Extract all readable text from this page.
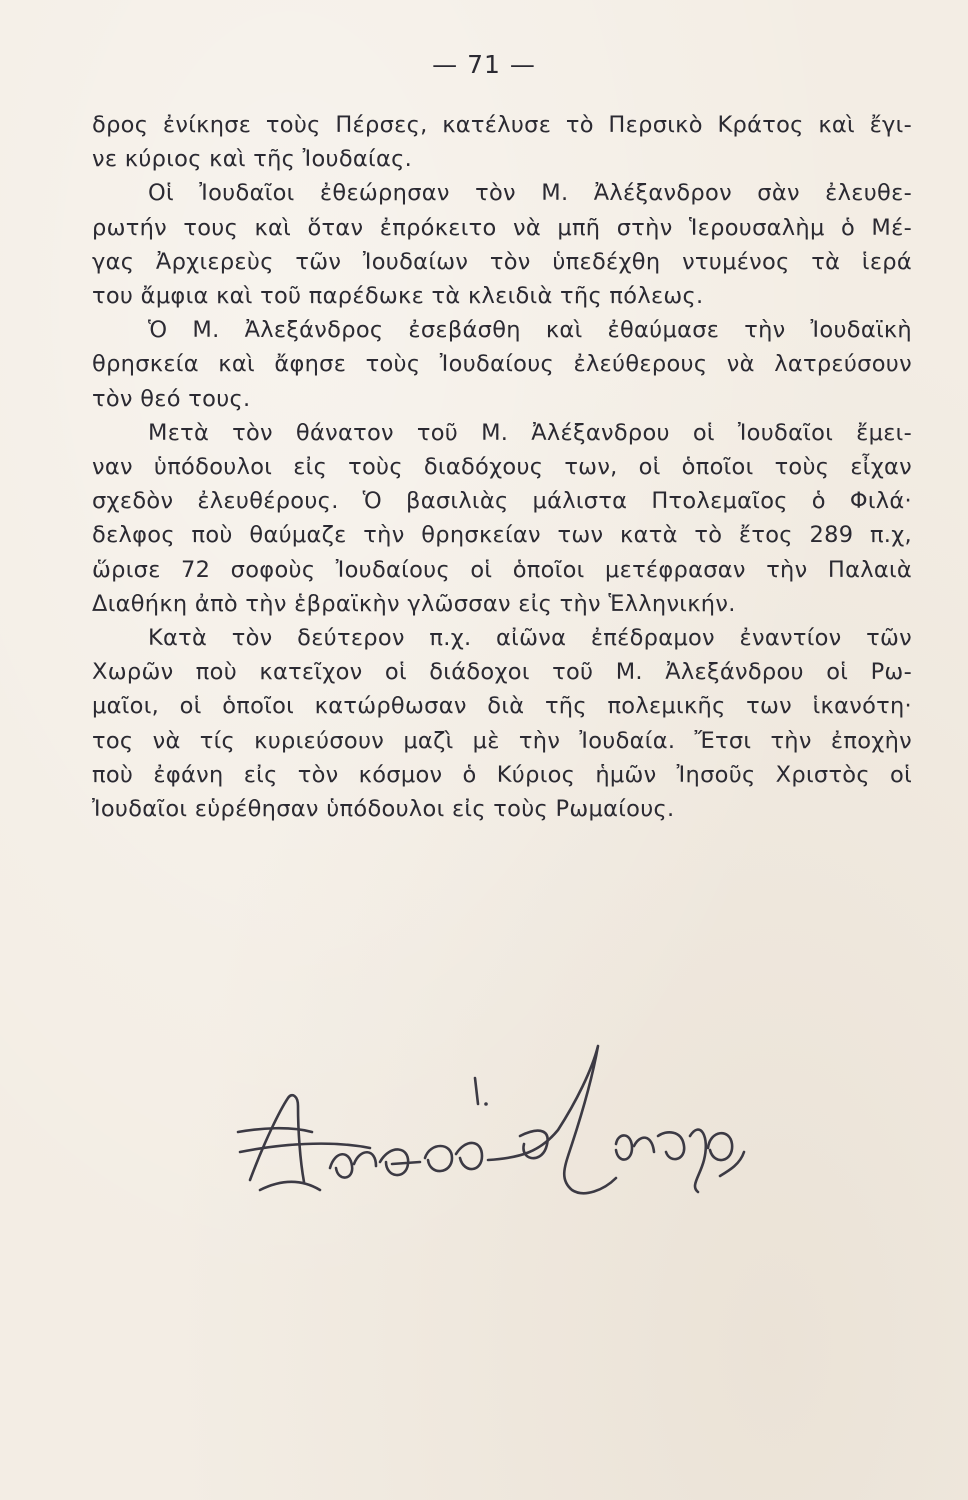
— 71 —
δρος ἐνίκησε τοὺς Πέρσες, κατέλυσε τὸ Περσικὸ Κράτος καὶ ἔγι-
νε κύριος καὶ τῆς Ἰουδαίας.
Οἱ Ἰουδαῖοι ἐθεώρησαν τὸν Μ. Ἀλέξανδρον σὰν ἐλευθε-
ρωτήν τους καὶ ὅταν ἐπρόκειτο νὰ μπῆ στὴν Ἱερουσαλὴμ ὁ Μέ-
γας Ἀρχιερεὺς τῶν Ἰουδαίων τὸν ὑπεδέχθη ντυμένος τὰ ἱερά
του ἄμφια καὶ τοῦ παρέδωκε τὰ κλειδιὰ τῆς πόλεως.
Ὁ Μ. Ἀλεξάνδρος ἐσεβάσθη καὶ ἐθαύμασε τὴν Ἰουδαϊκὴ
θρησκεία καὶ ἄφησε τοὺς Ἰουδαίους ἐλεύθερους νὰ λατρεύσουν
τὸν θεό τους.
Μετὰ τὸν θάνατον τοῦ Μ. Ἀλέξανδρου οἱ Ἰουδαῖοι ἔμει-
ναν ὑπόδουλοι εἰς τοὺς διαδόχους των, οἱ ὁποῖοι τοὺς εἶχαν
σχεδὸν ἐλευθέρους. Ὁ βασιλιὰς μάλιστα Πτολεμαῖος ὁ Φιλά·
δελφος ποὺ θαύμαζε τὴν θρησκείαν των κατὰ τὸ ἔτος 289 π.χ,
ὥρισε 72 σοφοὺς Ἰουδαίους οἱ ὁποῖοι μετέφρασαν τὴν Παλαιὰ
Διαθήκη ἀπὸ τὴν ἑβραϊκὴν γλῶσσαν εἰς τὴν Ἑλληνικήν.
Κατὰ τὸν δεύτερον π.χ. αἰῶνα ἐπέδραμον ἐναντίον τῶν
Χωρῶν ποὺ κατεῖχον οἱ διάδοχοι τοῦ Μ. Ἀλεξάνδρου οἱ Ρω-
μαῖοι, οἱ ὁποῖοι κατώρθωσαν διὰ τῆς πολεμικῆς των ἱκανότη·
τος νὰ τίς κυριεύσουν μαζὶ μὲ τὴν Ἰουδαία. Ἔτσι τὴν ἐποχὴν
ποὺ ἐφάνη εἰς τὸν κόσμον ὁ Κύριος ἡμῶν Ἰησοῦς Χριστὸς οἱ
Ἰουδαῖοι εὑρέθησαν ὑπόδουλοι εἰς τοὺς Ρωμαίους.
